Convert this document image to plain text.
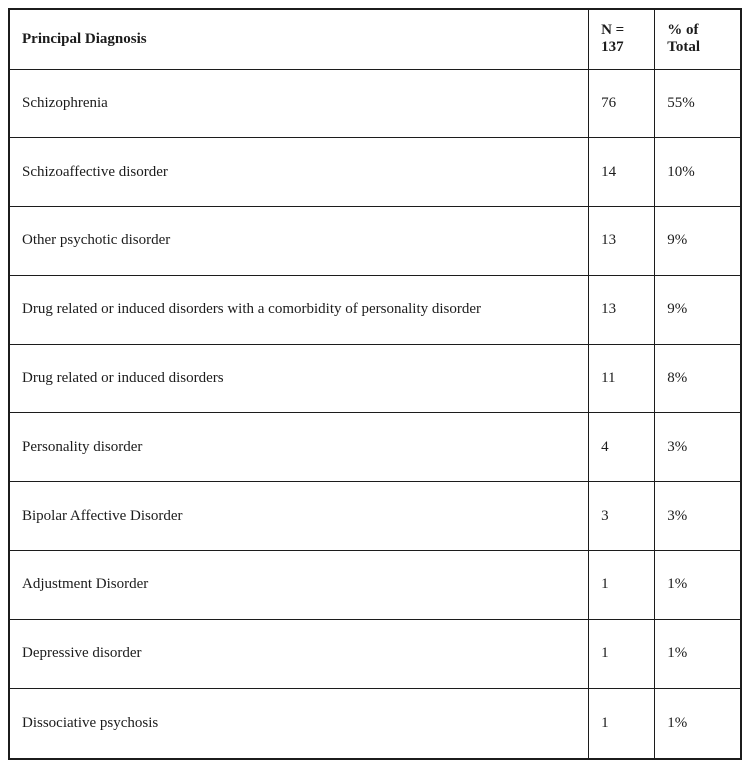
Principal Diagnosis	N = 137	% of Total
Schizophrenia	76	55%
Schizoaffective disorder	14	10%
Other psychotic disorder	13	9%
Drug related or induced disorders with a comorbidity of personality disorder	13	9%
Drug related or induced disorders	11	8%
Personality disorder	4	3%
Bipolar Affective Disorder	3	3%
Adjustment Disorder	1	1%
Depressive disorder	1	1%
Dissociative psychosis	1	1%
